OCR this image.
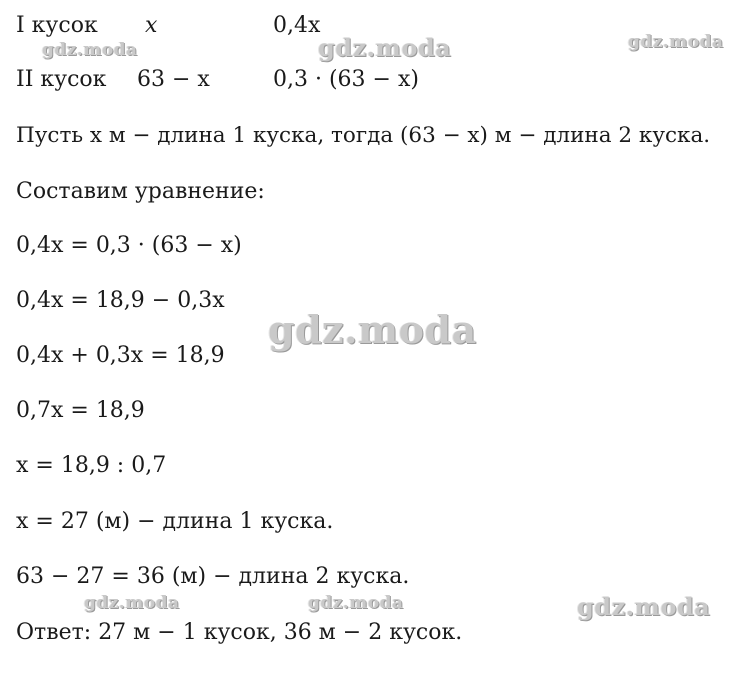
I кусок x	0,4x
II кусок 63 − x	0,3 · (63 − x)
Пусть x м − длина 1 куска, тогда (63 − x) м − длина 2 куска.
Составим уравнение:
0,4x = 0,3 · (63 − x)
0,4x = 18,9 − 0,3x
0,4x + 0,3x = 18,9
0,7x = 18,9
x = 18,9 : 0,7
x = 27 (м) − длина 1 куска.
63 − 27 = 36 (м) − длина 2 куска.
Ответ: 27 м − 1 кусок, 36 м − 2 кусок.
gdz.moda	gdz.moda	gdz.moda
gdz.moda
gdz.moda	gdz.moda	gdz.moda
